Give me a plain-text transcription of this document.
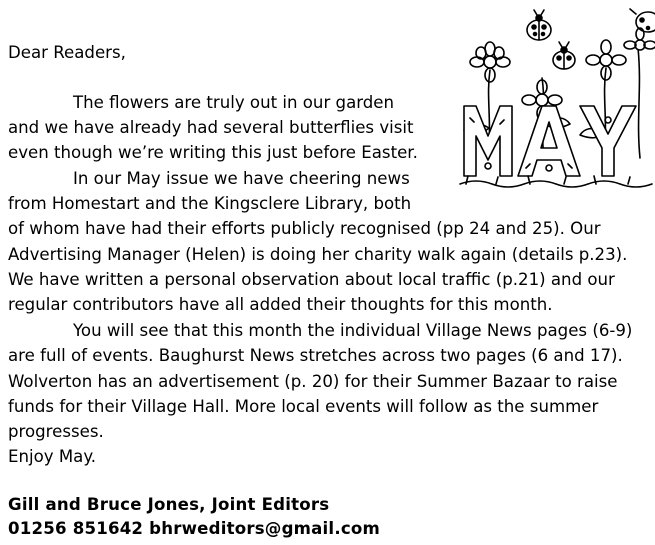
Dear Readers,
The flowers are truly out in our garden
and we have already had several butterflies visit
even though we’re writing this just before Easter.
In our May issue we have cheering news
from Homestart and the Kingsclere Library, both
of whom have had their efforts publicly recognised (pp 24 and 25). Our
Advertising Manager (Helen) is doing her charity walk again (details p.23).
We have written a personal observation about local traffic (p.21) and our
regular contributors have all added their thoughts for this month.
You will see that this month the individual Village News pages (6-9)
are full of events. Baughurst News stretches across two pages (6 and 17).
Wolverton has an advertisement (p. 20) for their Summer Bazaar to raise
funds for their Village Hall. More local events will follow as the summer
progresses.
Enjoy May.
Gill and Bruce Jones, Joint Editors
01256 851642 bhrweditors@gmail.com
